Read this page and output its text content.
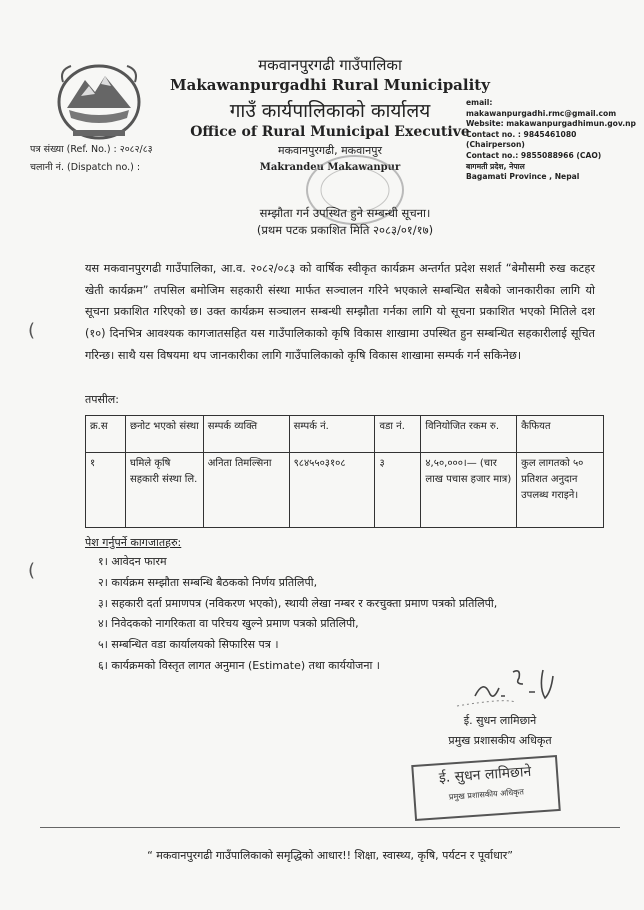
मकवानपुरगढी गाउँपालिका
Makawanpurgadhi Rural Municipality
गाउँ कार्यपालिकाको कार्यालय
Office of Rural Municipal Executive
मकवानपुरगढी, मकवानपुर
Makrandeu Makawanpur
पत्र संख्या (Ref. No.) : २०८२/८३
चलानी नं. (Dispatch no.) :
email: makawanpurgadhi.rmc@gmail.com
Website: makawanpurgadhimun.gov.np
Contact no. : 9845461080 (Chairperson)
Contact no.: 9855088966 (CAO)
बागमती प्रदेश, नेपाल
Bagamati Province , Nepal
सम्झौता गर्न उपस्थित हुने सम्बन्धी सूचना।
(प्रथम पटक प्रकाशित मिति २०८३/०१/१७)
यस मकवानपुरगढी गाउँपालिका, आ.व. २०८२/०८३ को वार्षिक स्वीकृत कार्यक्रम अन्तर्गत प्रदेश सशर्त “बेमौसमी रुख कटहर खेती कार्यक्रम” तपसिल बमोजिम सहकारी संस्था मार्फत सञ्चालन गरिने भएकाले सम्बन्धित सबैको जानकारीका लागि यो सूचना प्रकाशित गरिएको छ। उक्त कार्यक्रम सञ्चालन सम्बन्धी सम्झौता गर्नका लागि यो सूचना प्रकाशित भएको मितिले दश (१०) दिनभित्र आवश्यक कागजातसहित यस गाउँपालिकाको कृषि विकास शाखामा उपस्थित हुन सम्बन्धित सहकारीलाई सूचित गरिन्छ। साथै यस विषयमा थप जानकारीका लागि गाउँपालिकाको कृषि विकास शाखामा सम्पर्क गर्न सकिनेछ।
तपसील:
क्र.स	छनोट भएको संस्था	सम्पर्क व्यक्ति	सम्पर्क नं.	वडा नं.	विनियोजित रकम रु.	कैफियत
१	घमिले कृषि सहकारी संस्था लि.	अनिता तिमल्सिना	९८४५५०३१०८	३	४,५०,०००।— (चार लाख पचास हजार मात्र)	कुल लागतको ५० प्रतिशत अनुदान उपलब्ध गराइने।
पेश गर्नुपर्ने कागजातहरु:
१। आवेदन फारम
२। कार्यक्रम सम्झौता सम्बन्धि बैठकको निर्णय प्रतिलिपी,
३। सहकारी दर्ता प्रमाणपत्र (नविकरण भएको), स्थायी लेखा नम्बर र करचुक्ता प्रमाण पत्रको प्रतिलिपी,
४। निवेदकको नागरिकता वा परिचय खुल्ने प्रमाण पत्रको प्रतिलिपी,
५। सम्बन्धित वडा कार्यालयको सिफारिस पत्र ।
६। कार्यक्रमको विस्तृत लागत अनुमान (Estimate) तथा कार्ययोजना ।
ई. सुधन लामिछाने
प्रमुख प्रशासकीय अधिकृत
ई. सुधन लामिछाने
प्रमुख प्रशासकीय अधिकृत
(
(
“ मकवानपुरगढी गाउँपालिकाको समृद्धिको आधार!! शिक्षा, स्वास्थ्य, कृषि, पर्यटन र पूर्वाधार”
